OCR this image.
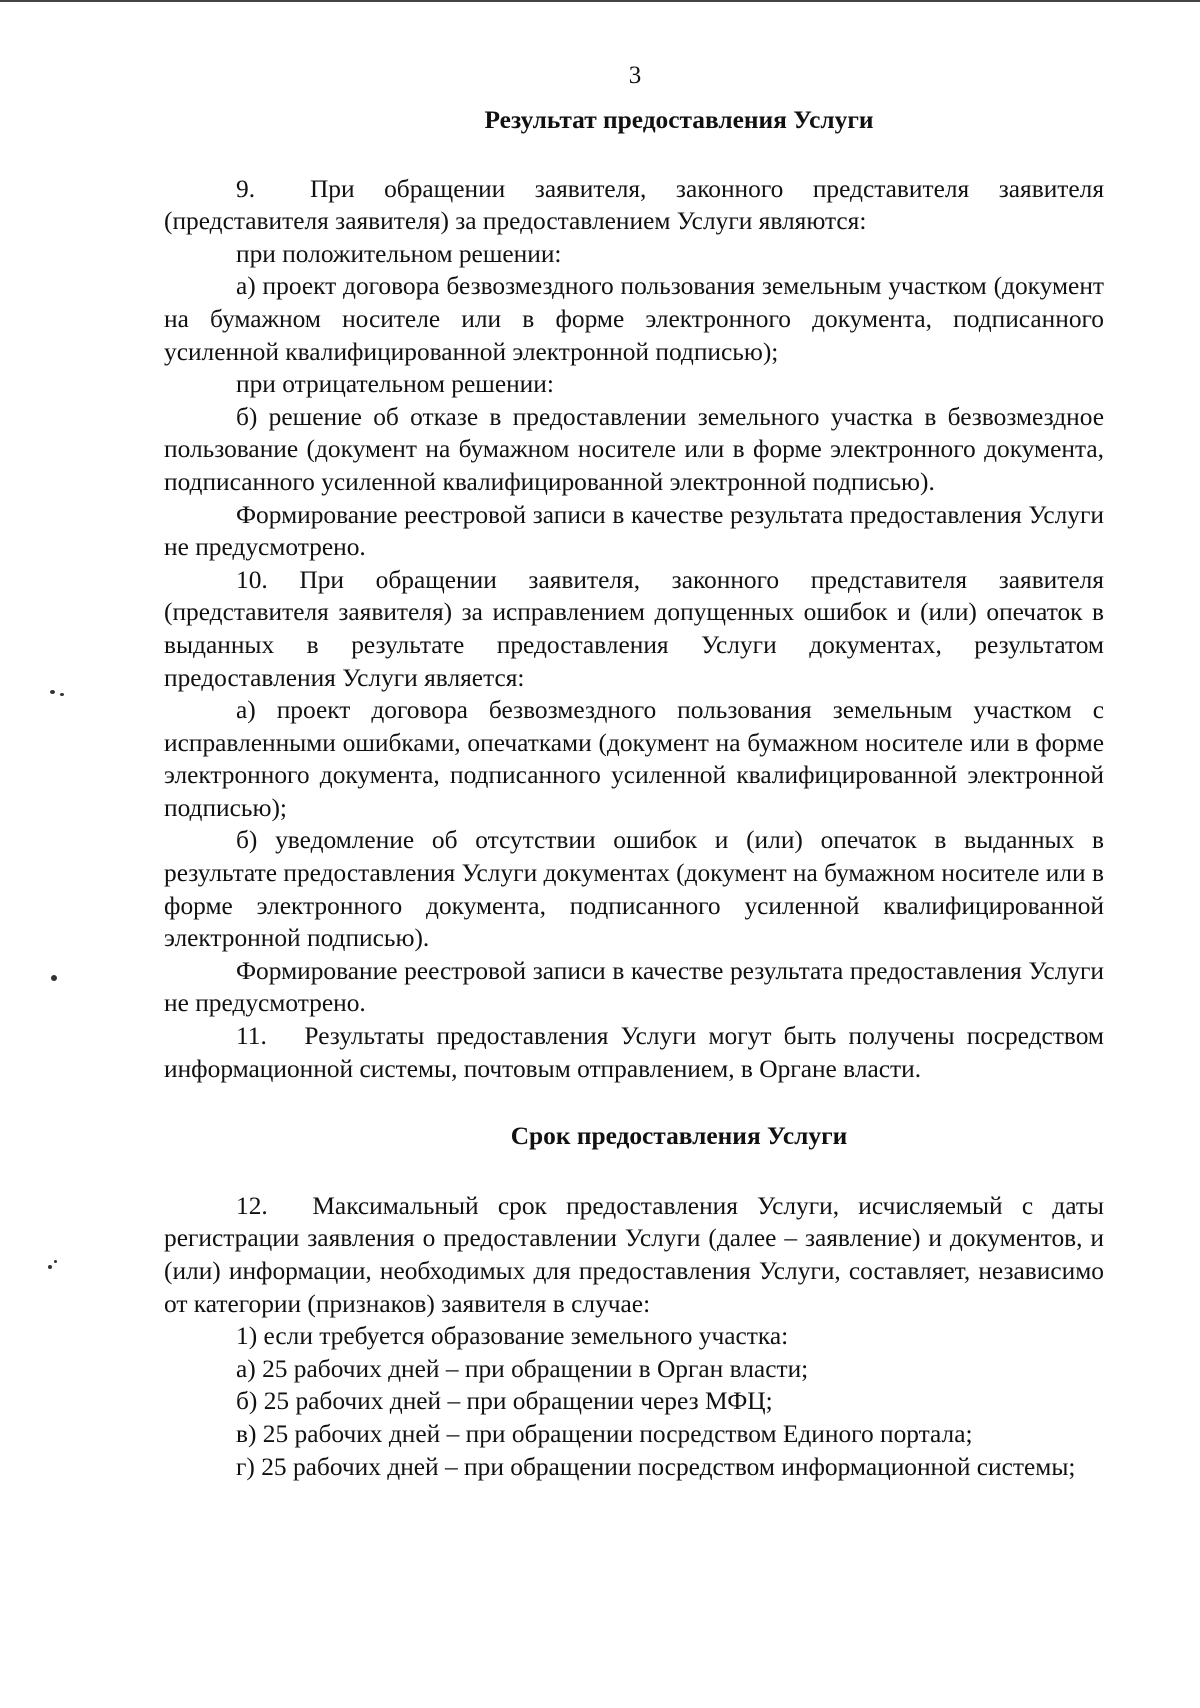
3

Результат предоставления Услуги

9.  При обращении заявителя, законного представителя заявителя (представителя заявителя) за предоставлением Услуги являются:

при положительном решении:

а) проект договора безвозмездного пользования земельным участком (документ на бумажном носителе или в форме электронного документа, подписанного усиленной квалифицированной электронной подписью);

при отрицательном решении:

б) решение об отказе в предоставлении земельного участка в безвозмездное пользование (документ на бумажном носителе или в форме электронного документа, подписанного усиленной квалифицированной электронной подписью).

Формирование реестровой записи в качестве результата предоставления Услуги не предусмотрено.

10. При обращении заявителя, законного представителя заявителя (представителя заявителя) за исправлением допущенных ошибок и (или) опечаток в выданных в результате предоставления Услуги документах, результатом предоставления Услуги является:

а) проект договора безвозмездного пользования земельным участком с исправленными ошибками, опечатками (документ на бумажном носителе или в форме электронного документа, подписанного усиленной квалифицированной электронной подписью);

б) уведомление об отсутствии ошибок и (или) опечаток в выданных в результате предоставления Услуги документах (документ на бумажном носителе или в форме электронного документа, подписанного усиленной квалифицированной электронной подписью).

Формирование реестровой записи в качестве результата предоставления Услуги не предусмотрено.

11.  Результаты предоставления Услуги могут быть получены посредством информационной системы, почтовым отправлением, в Органе власти.

Срок предоставления Услуги

12.  Максимальный срок предоставления Услуги, исчисляемый с даты регистрации заявления о предоставлении Услуги (далее – заявление) и документов, и (или) информации, необходимых для предоставления Услуги, составляет, независимо от категории (признаков) заявителя в случае:

1) если требуется образование земельного участка:

а) 25 рабочих дней – при обращении в Орган власти;

б) 25 рабочих дней – при обращении через МФЦ;

в) 25 рабочих дней – при обращении посредством Единого портала;

г) 25 рабочих дней – при обращении посредством информационной системы;
